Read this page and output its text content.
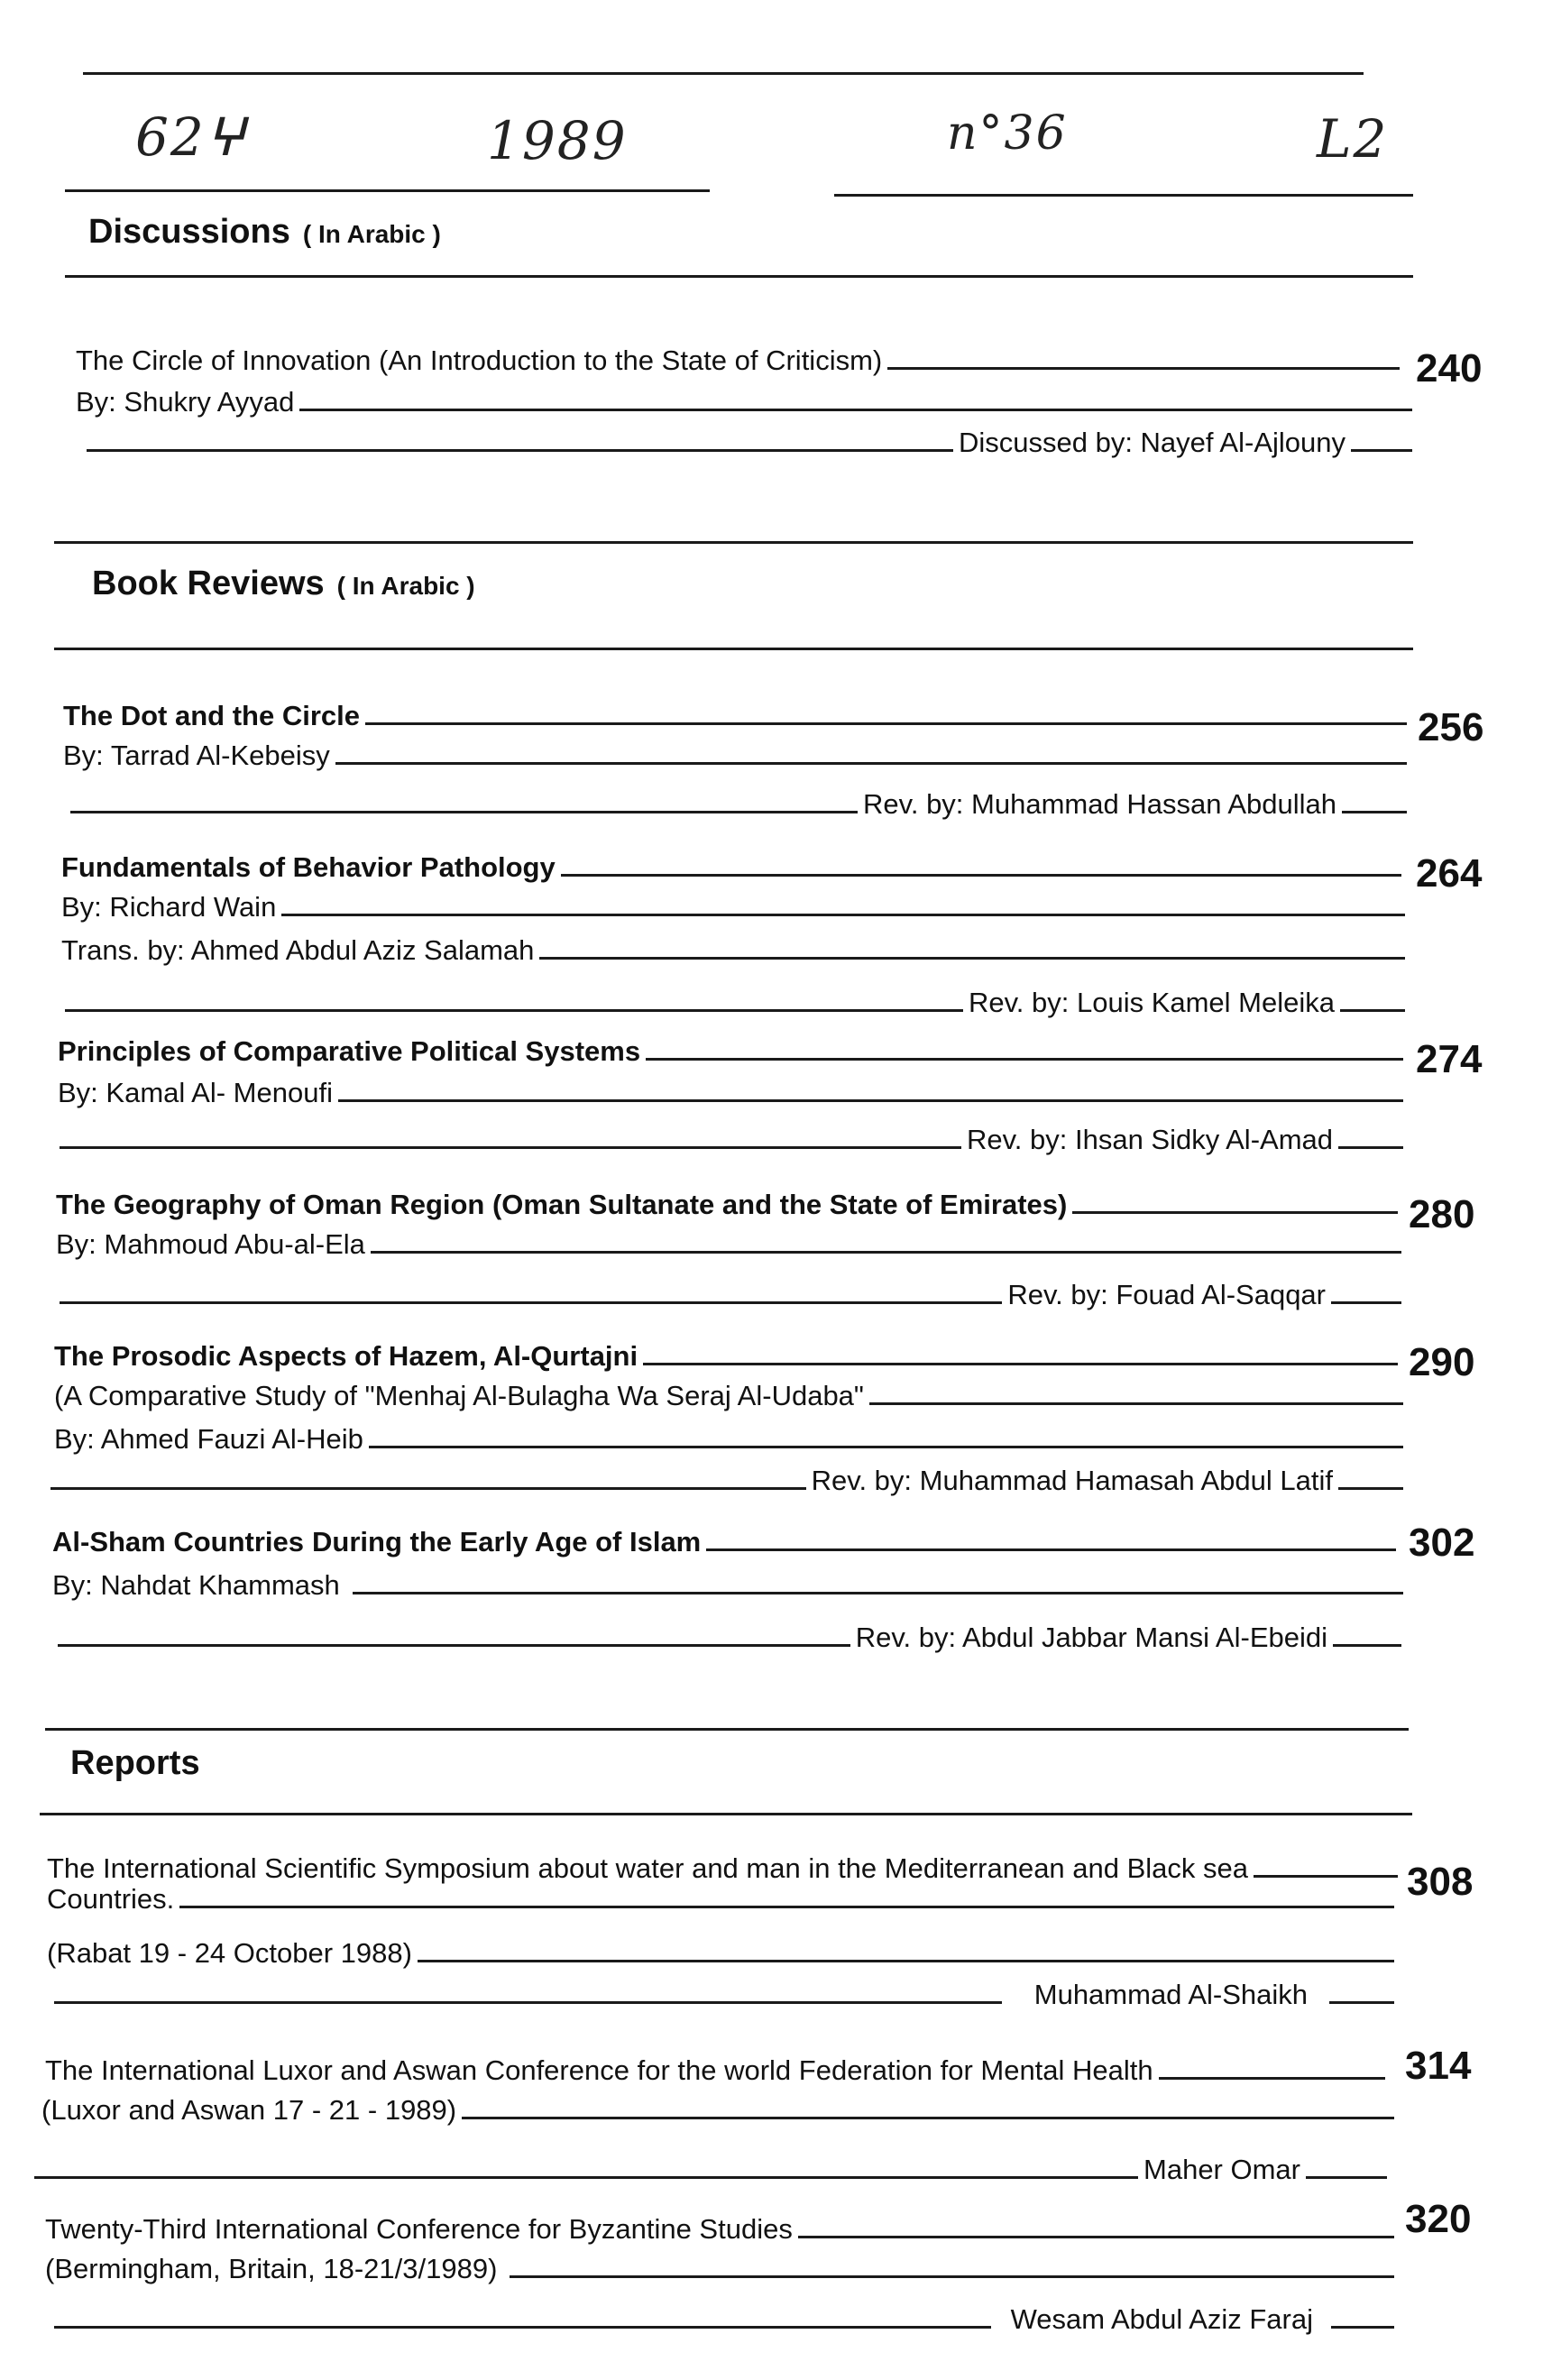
62ⵖ	1989	n°36	L2
Discussions ( In Arabic )
The Circle of Innovation (An Introduction to the State of Criticism)	240
By: Shukry Ayyad
Discussed by: Nayef Al-Ajlouny
Book Reviews ( In Arabic )
The Dot and the Circle	256
By: Tarrad Al-Kebeisy
Rev. by: Muhammad Hassan Abdullah
Fundamentals of Behavior Pathology	264
By: Richard Wain
Trans. by: Ahmed Abdul Aziz Salamah
Rev. by: Louis Kamel Meleika
Principles of Comparative Political Systems	274
By: Kamal Al- Menoufi
Rev. by: Ihsan Sidky Al-Amad
The Geography of Oman Region (Oman Sultanate and the State of Emirates)	280
By: Mahmoud Abu-al-Ela
Rev. by: Fouad Al-Saqqar
The Prosodic Aspects of Hazem, Al-Qurtajni	290
(A Comparative Study of "Menhaj Al-Bulagha Wa Seraj Al-Udaba"
By: Ahmed Fauzi Al-Heib
Rev. by: Muhammad Hamasah Abdul Latif
Al-Sham Countries During the Early Age of Islam	302
By: Nahdat Khammash
Rev. by: Abdul Jabbar Mansi Al-Ebeidi
Reports
The International Scientific Symposium about water and man in the Mediterranean and Black sea	308
Countries.
(Rabat 19 - 24 October 1988)
Muhammad Al-Shaikh
The International Luxor and Aswan Conference for the world Federation for Mental Health	314
(Luxor and Aswan 17 - 21 - 1989)
Maher Omar
Twenty-Third International Conference for Byzantine Studies	320
(Bermingham, Britain, 18-21/3/1989)
Wesam Abdul Aziz Faraj
